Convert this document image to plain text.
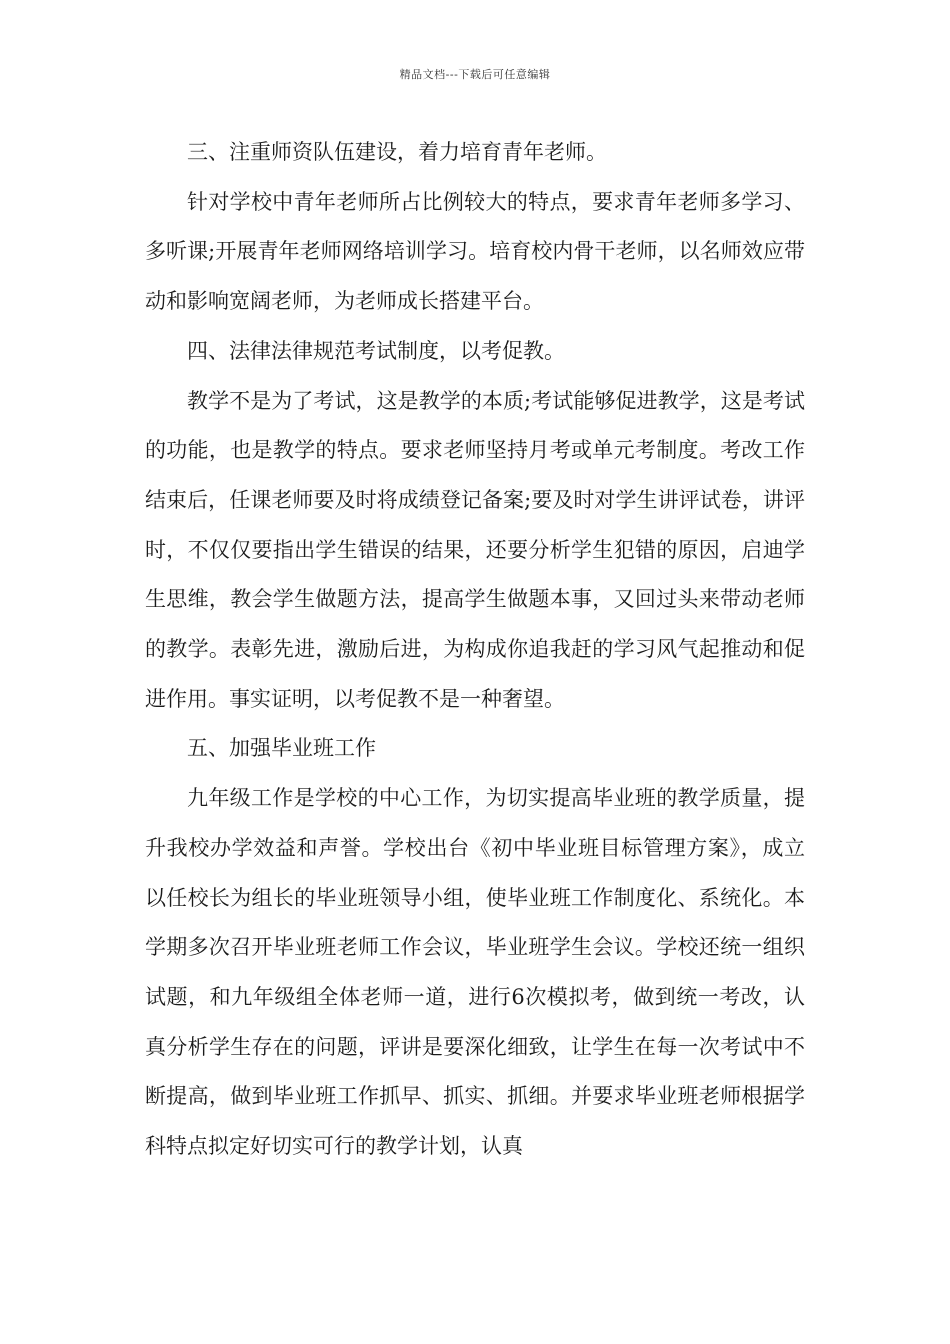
精品文档---下载后可任意编辑

三、注重师资队伍建设，着力培育青年老师。

针对学校中青年老师所占比例较大的特点，要求青年老师多学习、多听课;开展青年老师网络培训学习。培育校内骨干老师，以名师效应带动和影响宽阔老师，为老师成长搭建平台。

四、法律法律规范考试制度，以考促教。

教学不是为了考试，这是教学的本质;考试能够促进教学，这是考试的功能，也是教学的特点。要求老师坚持月考或单元考制度。考改工作结束后，任课老师要及时将成绩登记备案;要及时对学生讲评试卷，讲评时，不仅仅要指出学生错误的结果，还要分析学生犯错的原因，启迪学生思维，教会学生做题方法，提高学生做题本事，又回过头来带动老师的教学。表彰先进，激励后进，为构成你追我赶的学习风气起推动和促进作用。事实证明，以考促教不是一种奢望。

五、加强毕业班工作

九年级工作是学校的中心工作，为切实提高毕业班的教学质量，提升我校办学效益和声誉。学校出台《初中毕业班目标管理方案》，成立以任校长为组长的毕业班领导小组，使毕业班工作制度化、系统化。本学期多次召开毕业班老师工作会议，毕业班学生会议。学校还统一组织试题，和九年级组全体老师一道，进行6次模拟考，做到统一考改，认真分析学生存在的问题，评讲是要深化细致，让学生在每一次考试中不断提高，做到毕业班工作抓早、抓实、抓细。并要求毕业班老师根据学科特点拟定好切实可行的教学计划，认真
